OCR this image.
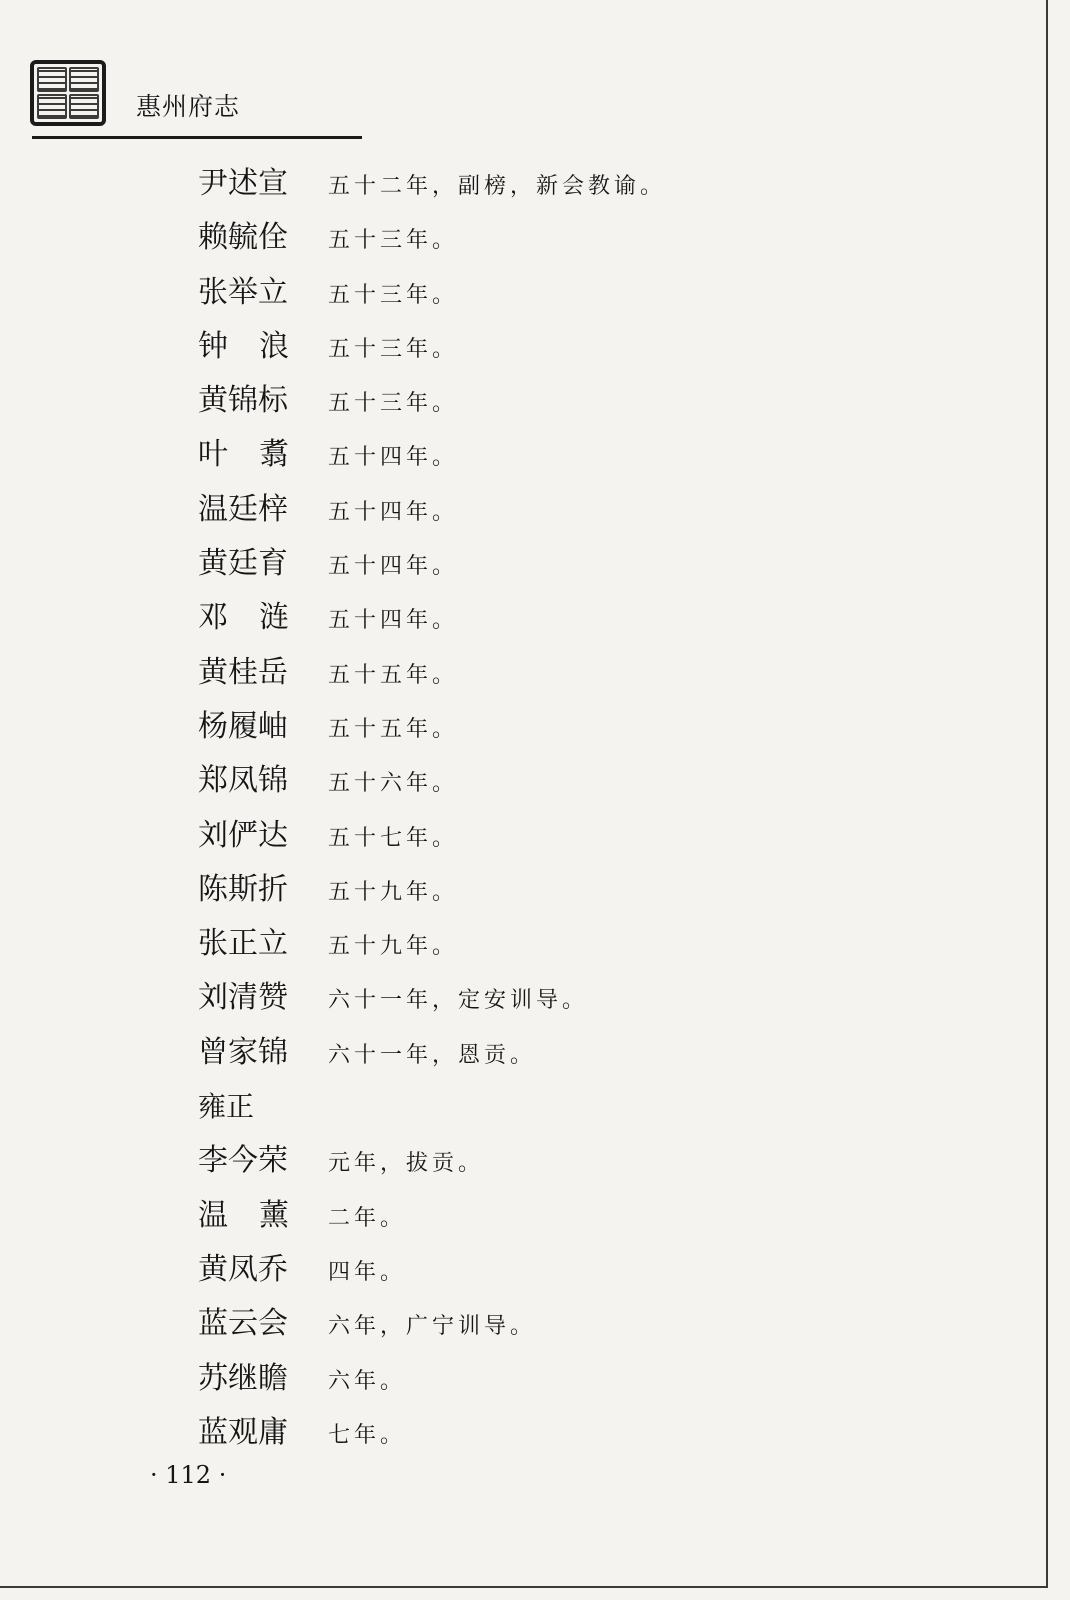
惠州府志
尹述宣	五十二年，副榜，新会教谕。
赖毓佺	五十三年。
张举立	五十三年。
钟浪 五十三年。
黄锦标	五十三年。
叶翥 五十四年。
温廷梓	五十四年。
黄廷育	五十四年。
邓涟 五十四年。
黄桂岳	五十五年。
杨履岫	五十五年。
郑凤锦	五十六年。
刘俨达	五十七年。
陈斯折	五十九年。
张正立	五十九年。
刘清赞	六十一年，定安训导。
曾家锦	六十一年，恩贡。
雍正
李今荣	元年，拔贡。
温薰 二年。
黄凤乔	四年。
蓝云会	六年，广宁训导。
苏继瞻	六年。
蓝观庸	七年。
· 112 ·
